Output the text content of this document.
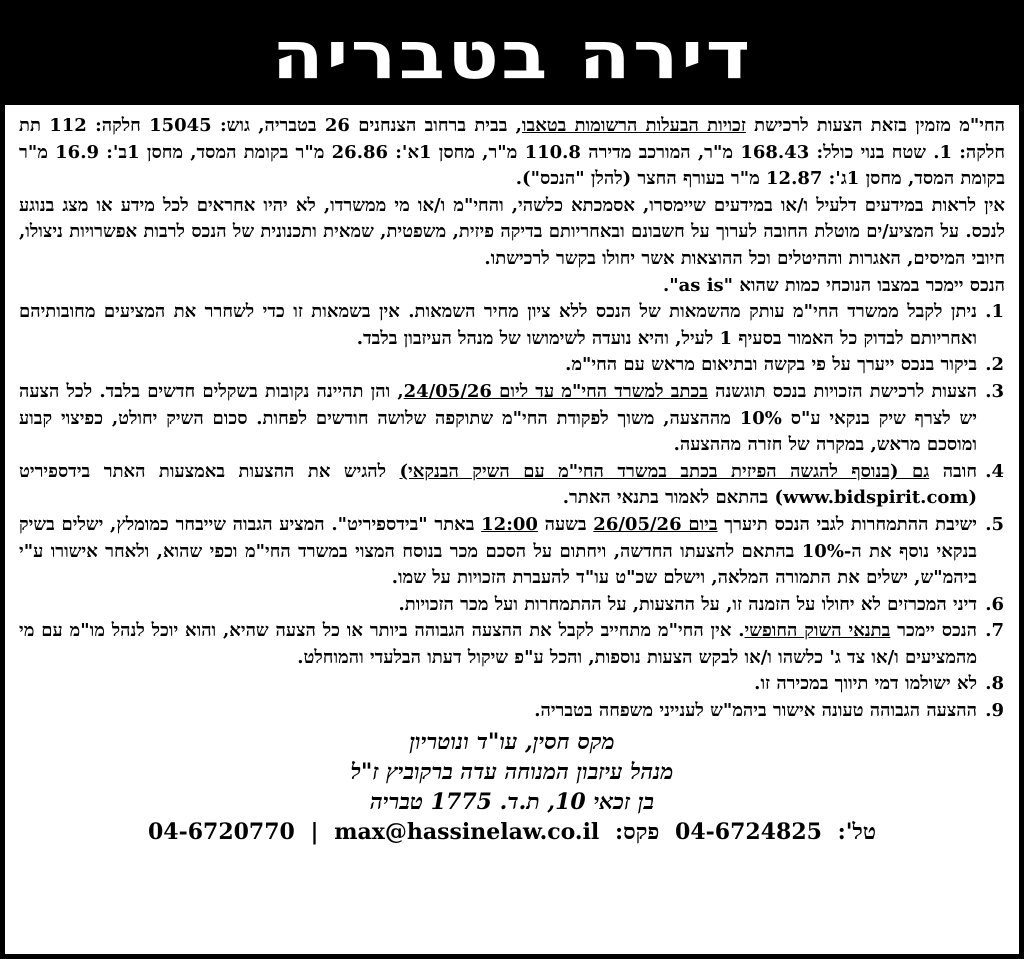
דירה בטבריה

החי"מ מזמין בזאת הצעות לרכישת זכויות הבעלות הרשומות בטאבו, בבית ברחוב הצנחנים 26 בטבריה, גוש: 15045 חלקה: 112 תת חלקה: 1. שטח בנוי כולל: 168.43 מ"ר, המורכב מדירה 110.8 מ"ר, מחסן 1א': 26.86 מ"ר בקומת המסד, מחסן 1ב': 16.9 מ"ר בקומת המסד, מחסן 1ג': 12.87 מ"ר בעורף החצר (להלן "הנכס").

אין לראות במידעים דלעיל ו/או במידעים שיימסרו, אסמכתא כלשהי, והחי"מ ו/או מי ממשרדו, לא יהיו אחראים לכל מידע או מצג בנוגע לנכס. על המציע/ים מוטלת החובה לערוך על חשבונם ובאחריותם בדיקה פיזית, משפטית, שמאית ותכנונית של הנכס לרבות אפשרויות ניצולו, חיובי המיסים, האגרות וההיטלים וכל ההוצאות אשר יחולו בקשר לרכישתו.

הנכס יימכר במצבו הנוכחי כמות שהוא "as is".

1. ניתן לקבל ממשרד החי"מ עותק מהשמאות של הנכס ללא ציון מחיר השמאות. אין בשמאות זו כדי לשחרר את המציעים מחובותיהם ואחריותם לבדוק כל האמור בסעיף 1 לעיל, והיא נועדה לשימושו של מנהל העיזבון בלבד.
2. ביקור בנכס ייערך על פי בקשה ובתיאום מראש עם החי"מ.
3. הצעות לרכישת הזכויות בנכס תוגשנה בכתב למשרד החי"מ עד ליום 24/05/26, והן תהיינה נקובות בשקלים חדשים בלבד. לכל הצעה יש לצרף שיק בנקאי ע"ס 10% מההצעה, משוך לפקודת החי"מ שתוקפה שלושה חודשים לפחות. סכום השיק יחולט, כפיצוי קבוע ומוסכם מראש, במקרה של חזרה מההצעה.
4. חובה גם (בנוסף להגשה הפיזית בכתב במשרד החי"מ עם השיק הבנקאי) להגיש את ההצעות באמצעות האתר בידספיריט (www.bidspirit.com) בהתאם לאמור בתנאי האתר.
5. ישיבת ההתמחרות לגבי הנכס תיערך ביום 26/05/26 בשעה 12:00 באתר "בידספיריט". המציע הגבוה שייבחר כמומלץ, ישלים בשיק בנקאי נוסף את ה-10% בהתאם להצעתו החדשה, ויחתום על הסכם מכר בנוסח המצוי במשרד החי"מ וכפי שהוא, ולאחר אישורו ע"י ביהמ"ש, ישלים את התמורה המלאה, וישלם שכ"ט עו"ד להעברת הזכויות על שמו.
6. דיני המכרזים לא יחולו על הזמנה זו, על ההצעות, על ההתמחרות ועל מכר הזכויות.
7. הנכס יימכר בתנאי השוק החופשי. אין החי"מ מתחייב לקבל את ההצעה הגבוהה ביותר או כל הצעה שהיא, והוא יוכל לנהל מו"מ עם מי מהמציעים ו/או צד ג' כלשהו ו/או לבקש הצעות נוספות, והכל ע"פ שיקול דעתו הבלעדי והמוחלט.
8. לא ישולמו דמי תיווך במכירה זו.
9. ההצעה הגבוהה טעונה אישור ביהמ"ש לענייני משפחה בטבריה.
מקס חסין, עו"ד ונוטריון
מנהל עיזבון המנוחה עדה ברקוביץ ז"ל
בן זכאי 10, ת.ד. 1775 טבריה
טל': 04-6724825 פקס: 04-6720770 | max@hassinelaw.co.il
